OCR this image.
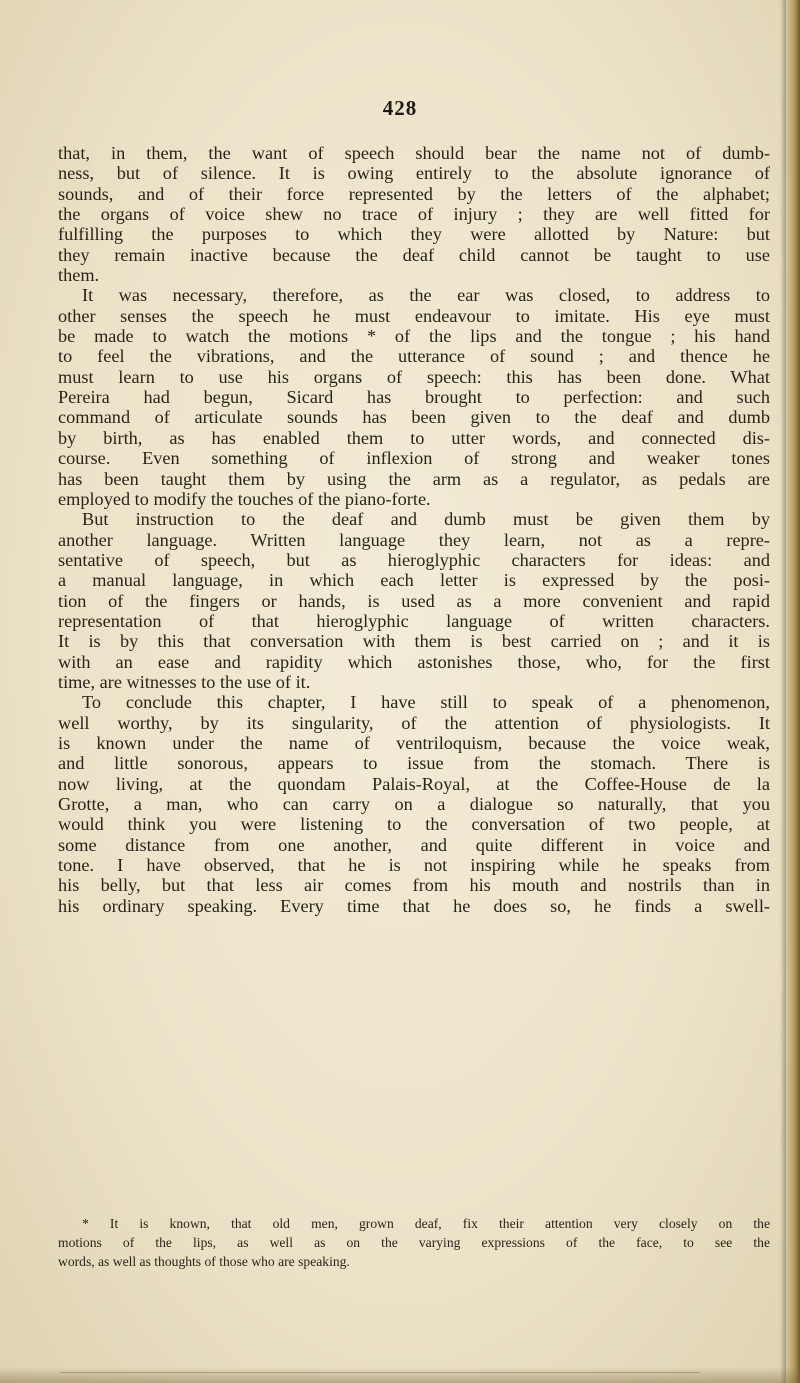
428
that, in them, the want of speech should bear the name not of dumb-
ness, but of silence. It is owing entirely to the absolute ignorance of
sounds, and of their force represented by the letters of the alphabet;
the organs of voice shew no trace of injury ; they are well fitted for
fulfilling the purposes to which they were allotted by Nature: but
they remain inactive because the deaf child cannot be taught to use
them.
It was necessary, therefore, as the ear was closed, to address to
other senses the speech he must endeavour to imitate. His eye must
be made to watch the motions * of the lips and the tongue ; his hand
to feel the vibrations, and the utterance of sound ; and thence he
must learn to use his organs of speech: this has been done. What
Pereira had begun, Sicard has brought to perfection: and such
command of articulate sounds has been given to the deaf and dumb
by birth, as has enabled them to utter words, and connected dis-
course. Even something of inflexion of strong and weaker tones
has been taught them by using the arm as a regulator, as pedals are
employed to modify the touches of the piano-forte.
But instruction to the deaf and dumb must be given them by
another language. Written language they learn, not as a repre-
sentative of speech, but as hieroglyphic characters for ideas: and
a manual language, in which each letter is expressed by the posi-
tion of the fingers or hands, is used as a more convenient and rapid
representation of that hieroglyphic language of written characters.
It is by this that conversation with them is best carried on ; and it is
with an ease and rapidity which astonishes those, who, for the first
time, are witnesses to the use of it.
To conclude this chapter, I have still to speak of a phenomenon,
well worthy, by its singularity, of the attention of physiologists. It
is known under the name of ventriloquism, because the voice weak,
and little sonorous, appears to issue from the stomach. There is
now living, at the quondam Palais-Royal, at the Coffee-House de la
Grotte, a man, who can carry on a dialogue so naturally, that you
would think you were listening to the conversation of two people, at
some distance from one another, and quite different in voice and
tone. I have observed, that he is not inspiring while he speaks from
his belly, but that less air comes from his mouth and nostrils than in
his ordinary speaking. Every time that he does so, he finds a swell-
* It is known, that old men, grown deaf, fix their attention very closely on the
motions of the lips, as well as on the varying expressions of the face, to see the
words, as well as thoughts of those who are speaking.
